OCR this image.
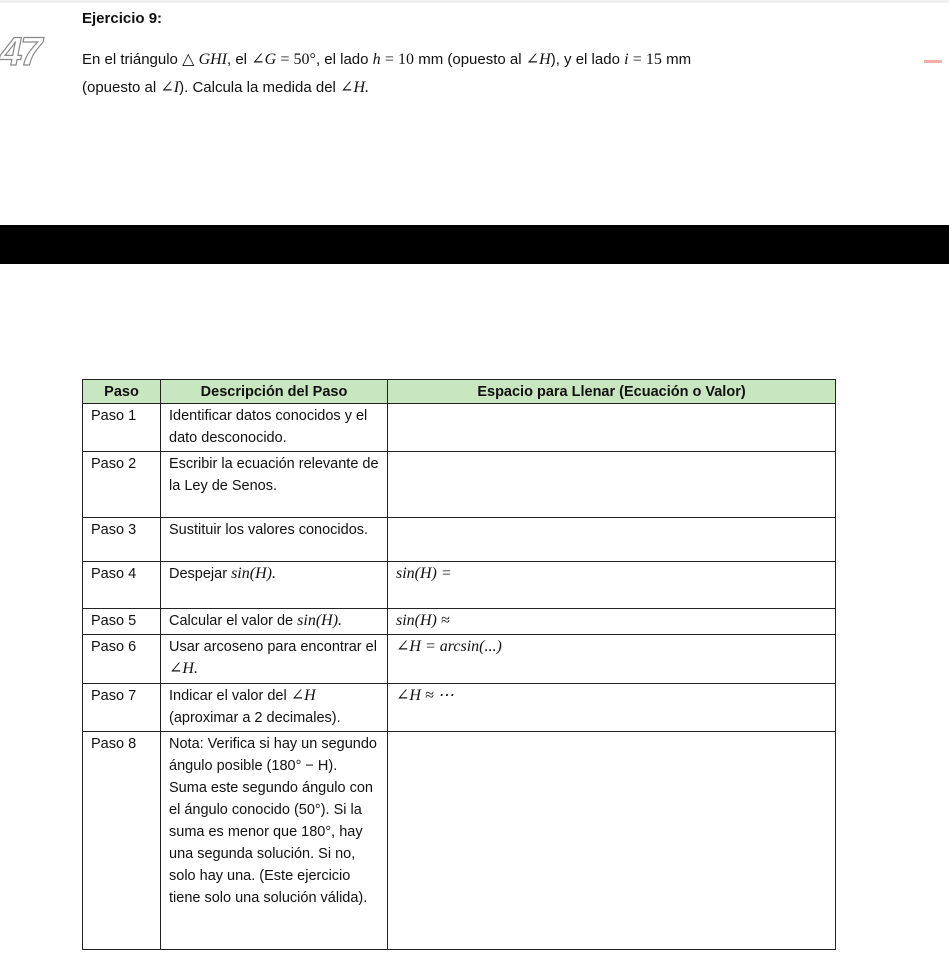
Ejercicio 9:
47	En el triángulo △ GHI, el ∠G = 50°, el lado h = 10 mm (opuesto al ∠H), y el lado i = 15 mm
(opuesto al ∠I). Calcula la medida del ∠H.
Paso	Descripción del Paso	Espacio para Llenar (Ecuación o Valor)
Paso 1	Identificar datos conocidos y el dato desconocido.	
Paso 2	Escribir la ecuación relevante de la Ley de Senos.	
Paso 3	Sustituir los valores conocidos.	
Paso 4	Despejar sin(H).	sin(H) =
Paso 5	Calcular el valor de sin(H).	sin(H) ≈
Paso 6	Usar arcoseno para encontrar el ∠H.	∠H = arcsin(...)
Paso 7	Indicar el valor del ∠H (aproximar a 2 decimales).	∠H ≈ ⋯
Paso 8	Nota: Verifica si hay un segundo ángulo posible (180° − H). Suma este segundo ángulo con el ángulo conocido (50°). Si la suma es menor que 180°, hay una segunda solución. Si no, solo hay una. (Este ejercicio tiene solo una solución válida).	
